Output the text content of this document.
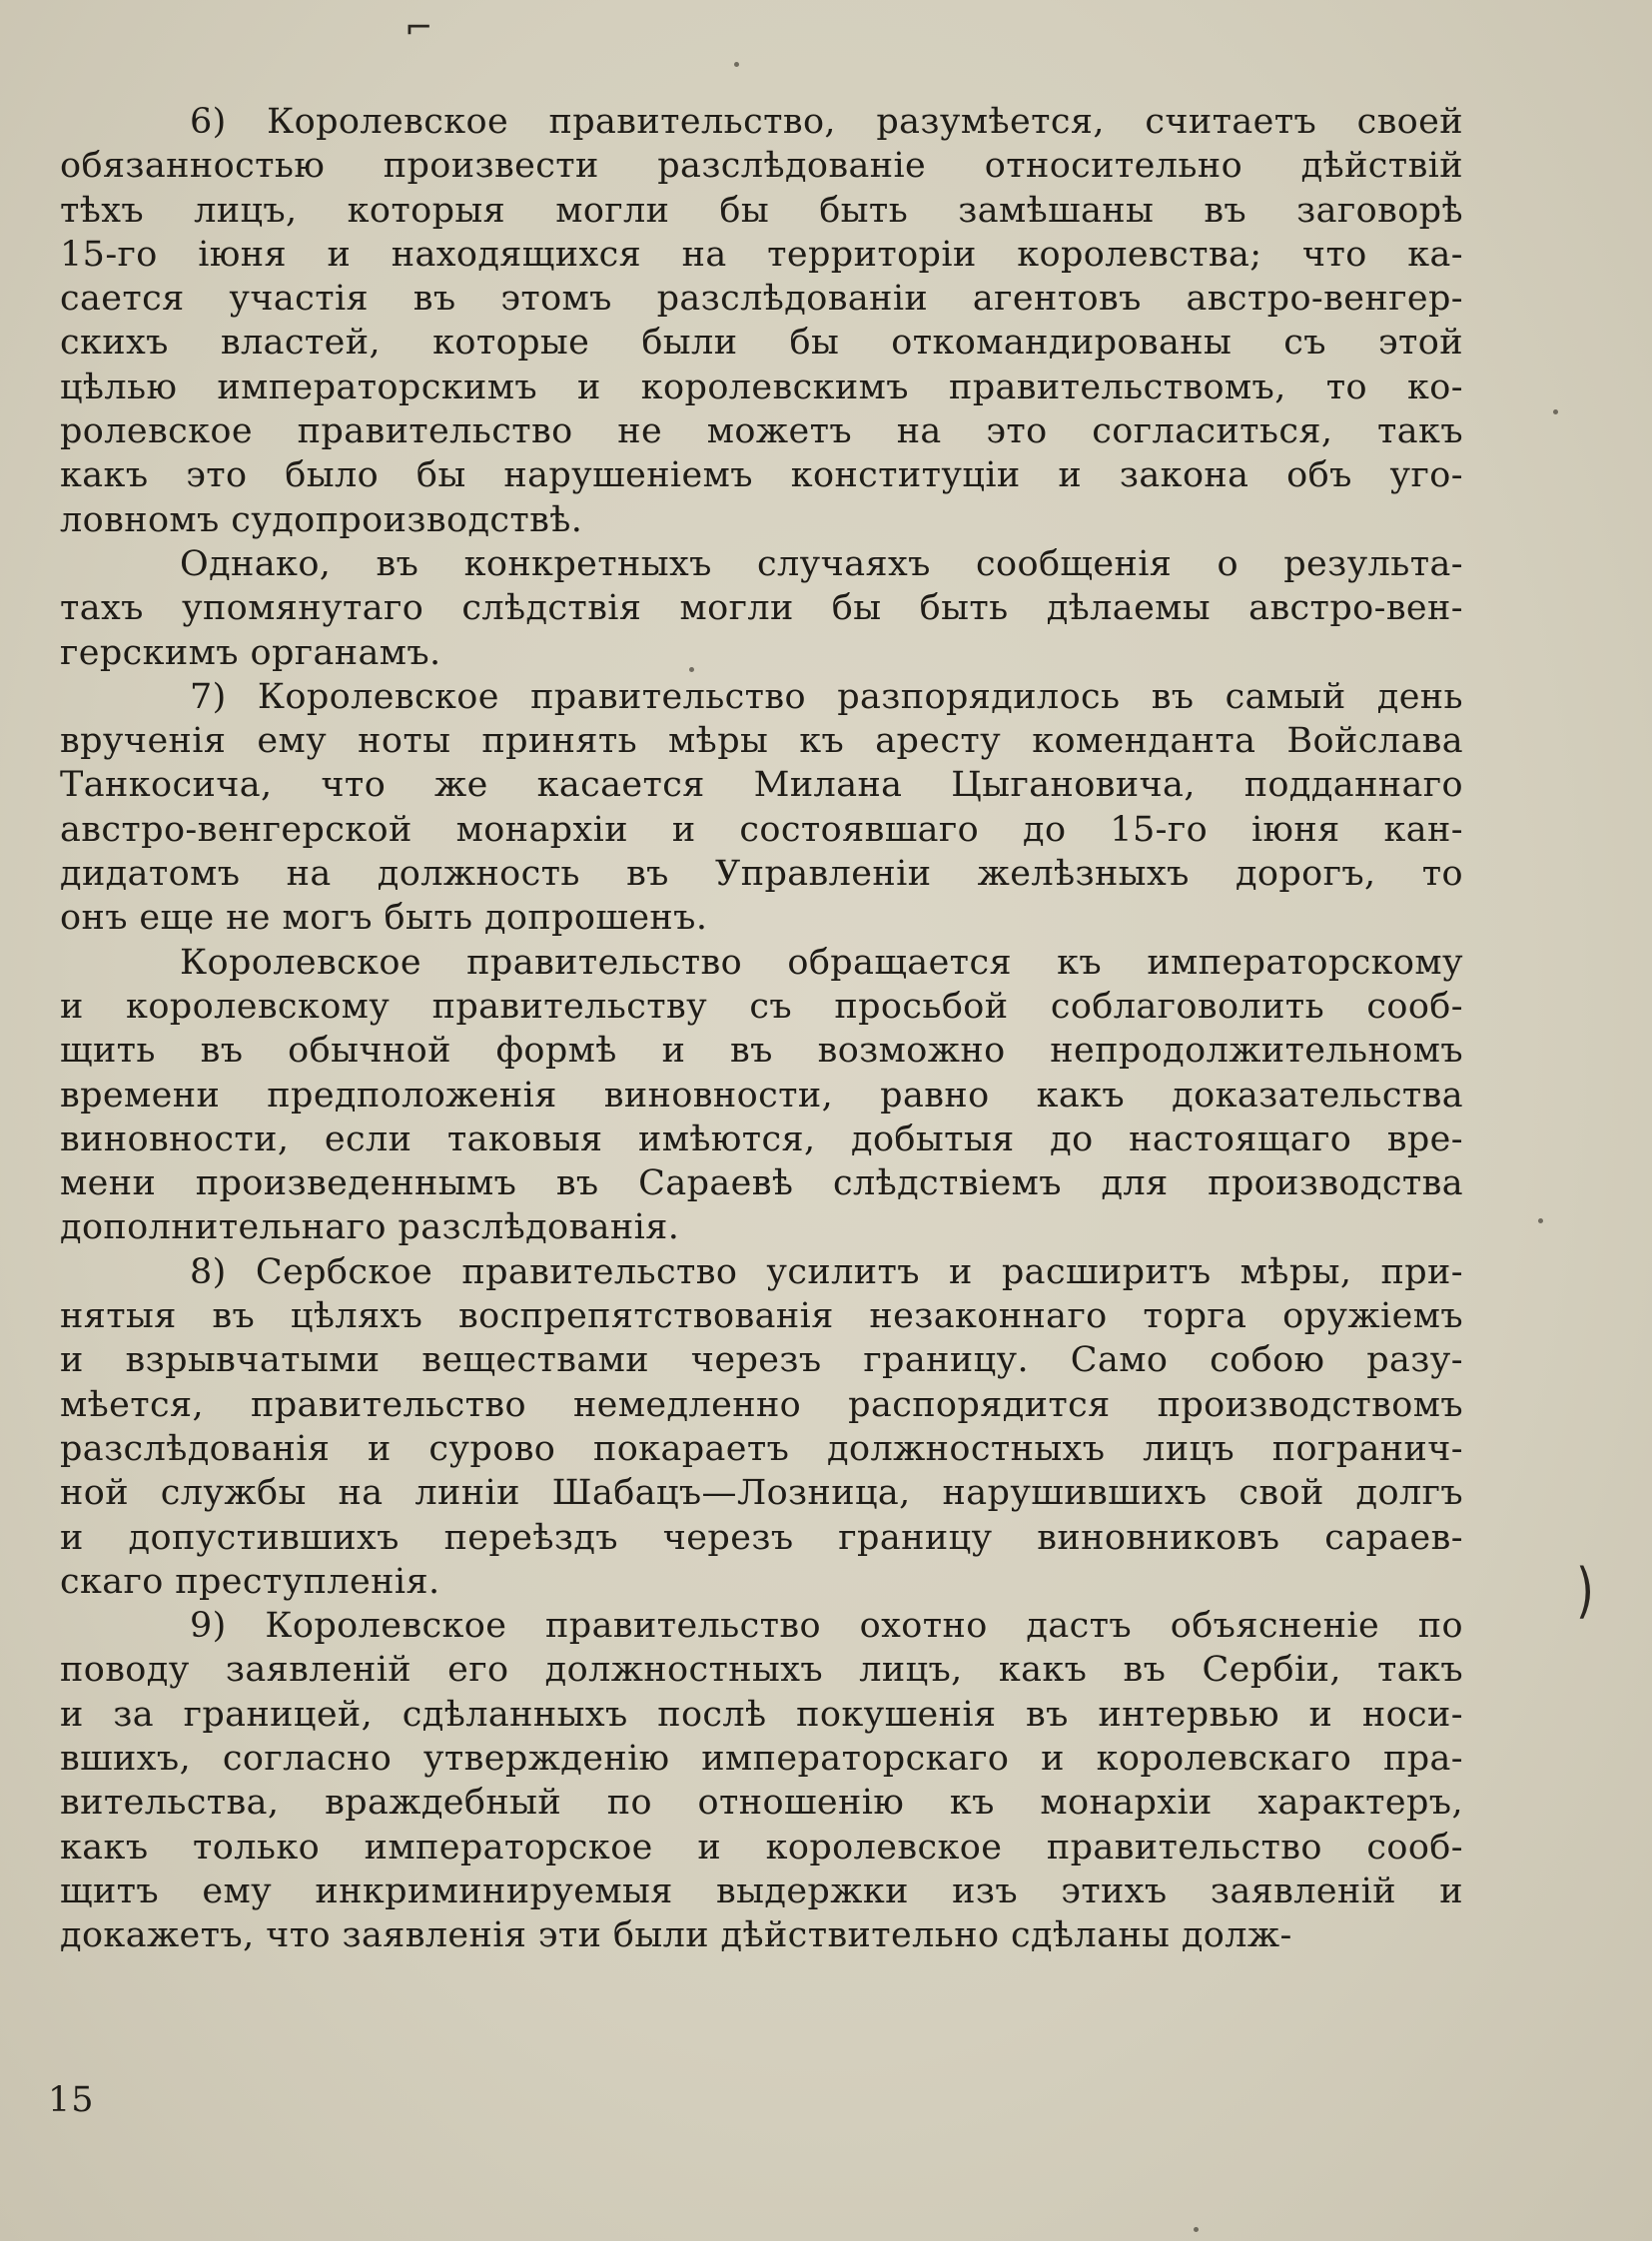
⌐

6) Королевское правительство, разумѣется, считаетъ своей
обязанностью произвести разслѣдованіе относительно дѣйствій
тѣхъ лицъ, которыя могли бы быть замѣшаны въ заговорѣ
15-го іюня и находящихся на территоріи королевства; что ка-
сается участія въ этомъ разслѣдованіи агентовъ австро-венгер-
скихъ властей, которые были бы откомандированы съ этой
цѣлью императорскимъ и королевскимъ правительствомъ, то ко-
ролевское правительство не можетъ на это согласиться, такъ
какъ это было бы нарушеніемъ конституціи и закона объ уго-
ловномъ судопроизводствѣ.

Однако, въ конкретныхъ случаяхъ сообщенія о результа-
тахъ упомянутаго слѣдствія могли бы быть дѣлаемы австро-вен-
герскимъ органамъ.

7) Королевское правительство разпорядилось въ самый день
врученія ему ноты принять мѣры къ аресту коменданта Войслава
Танкосича, что же касается Милана Цыгановича, подданнаго
австро-венгерской монархіи и состоявшаго до 15-го іюня кан-
дидатомъ на должность въ Управленіи желѣзныхъ дорогъ, то
онъ еще не могъ быть допрошенъ.

Королевское правительство обращается къ императорскому
и королевскому правительству съ просьбой соблаговолить сооб-
щить въ обычной формѣ и въ возможно непродолжительномъ
времени предположенія виновности, равно какъ доказательства
виновности, если таковыя имѣются, добытыя до настоящаго вре-
мени произведеннымъ въ Сараевѣ слѣдствіемъ для производства
дополнительнаго разслѣдованія.

8) Сербское правительство усилитъ и расширитъ мѣры, при-
нятыя въ цѣляхъ воспрепятствованія незаконнаго торга оружіемъ
и взрывчатыми веществами черезъ границу. Само собою разу-
мѣется, правительство немедленно распорядится производствомъ
разслѣдованія и сурово покараетъ должностныхъ лицъ погранич-
ной службы на линіи Шабацъ—Лозница, нарушившихъ свой долгъ
и допустившихъ переѣздъ черезъ границу виновниковъ сараев-
скаго преступленія.

9) Королевское правительство охотно дастъ объясненіе по
поводу заявленій его должностныхъ лицъ, какъ въ Сербіи, такъ
и за границей, сдѣланныхъ послѣ покушенія въ интервью и носи-
вшихъ, согласно утвержденію императорскаго и королевскаго пра-
вительства, враждебный по отношенію къ монархіи характеръ,
какъ только императорское и королевское правительство сооб-
щитъ ему инкриминируемыя выдержки изъ этихъ заявленій и
докажетъ, что заявленія эти были дѣйствительно сдѣланы долж-

)
15
